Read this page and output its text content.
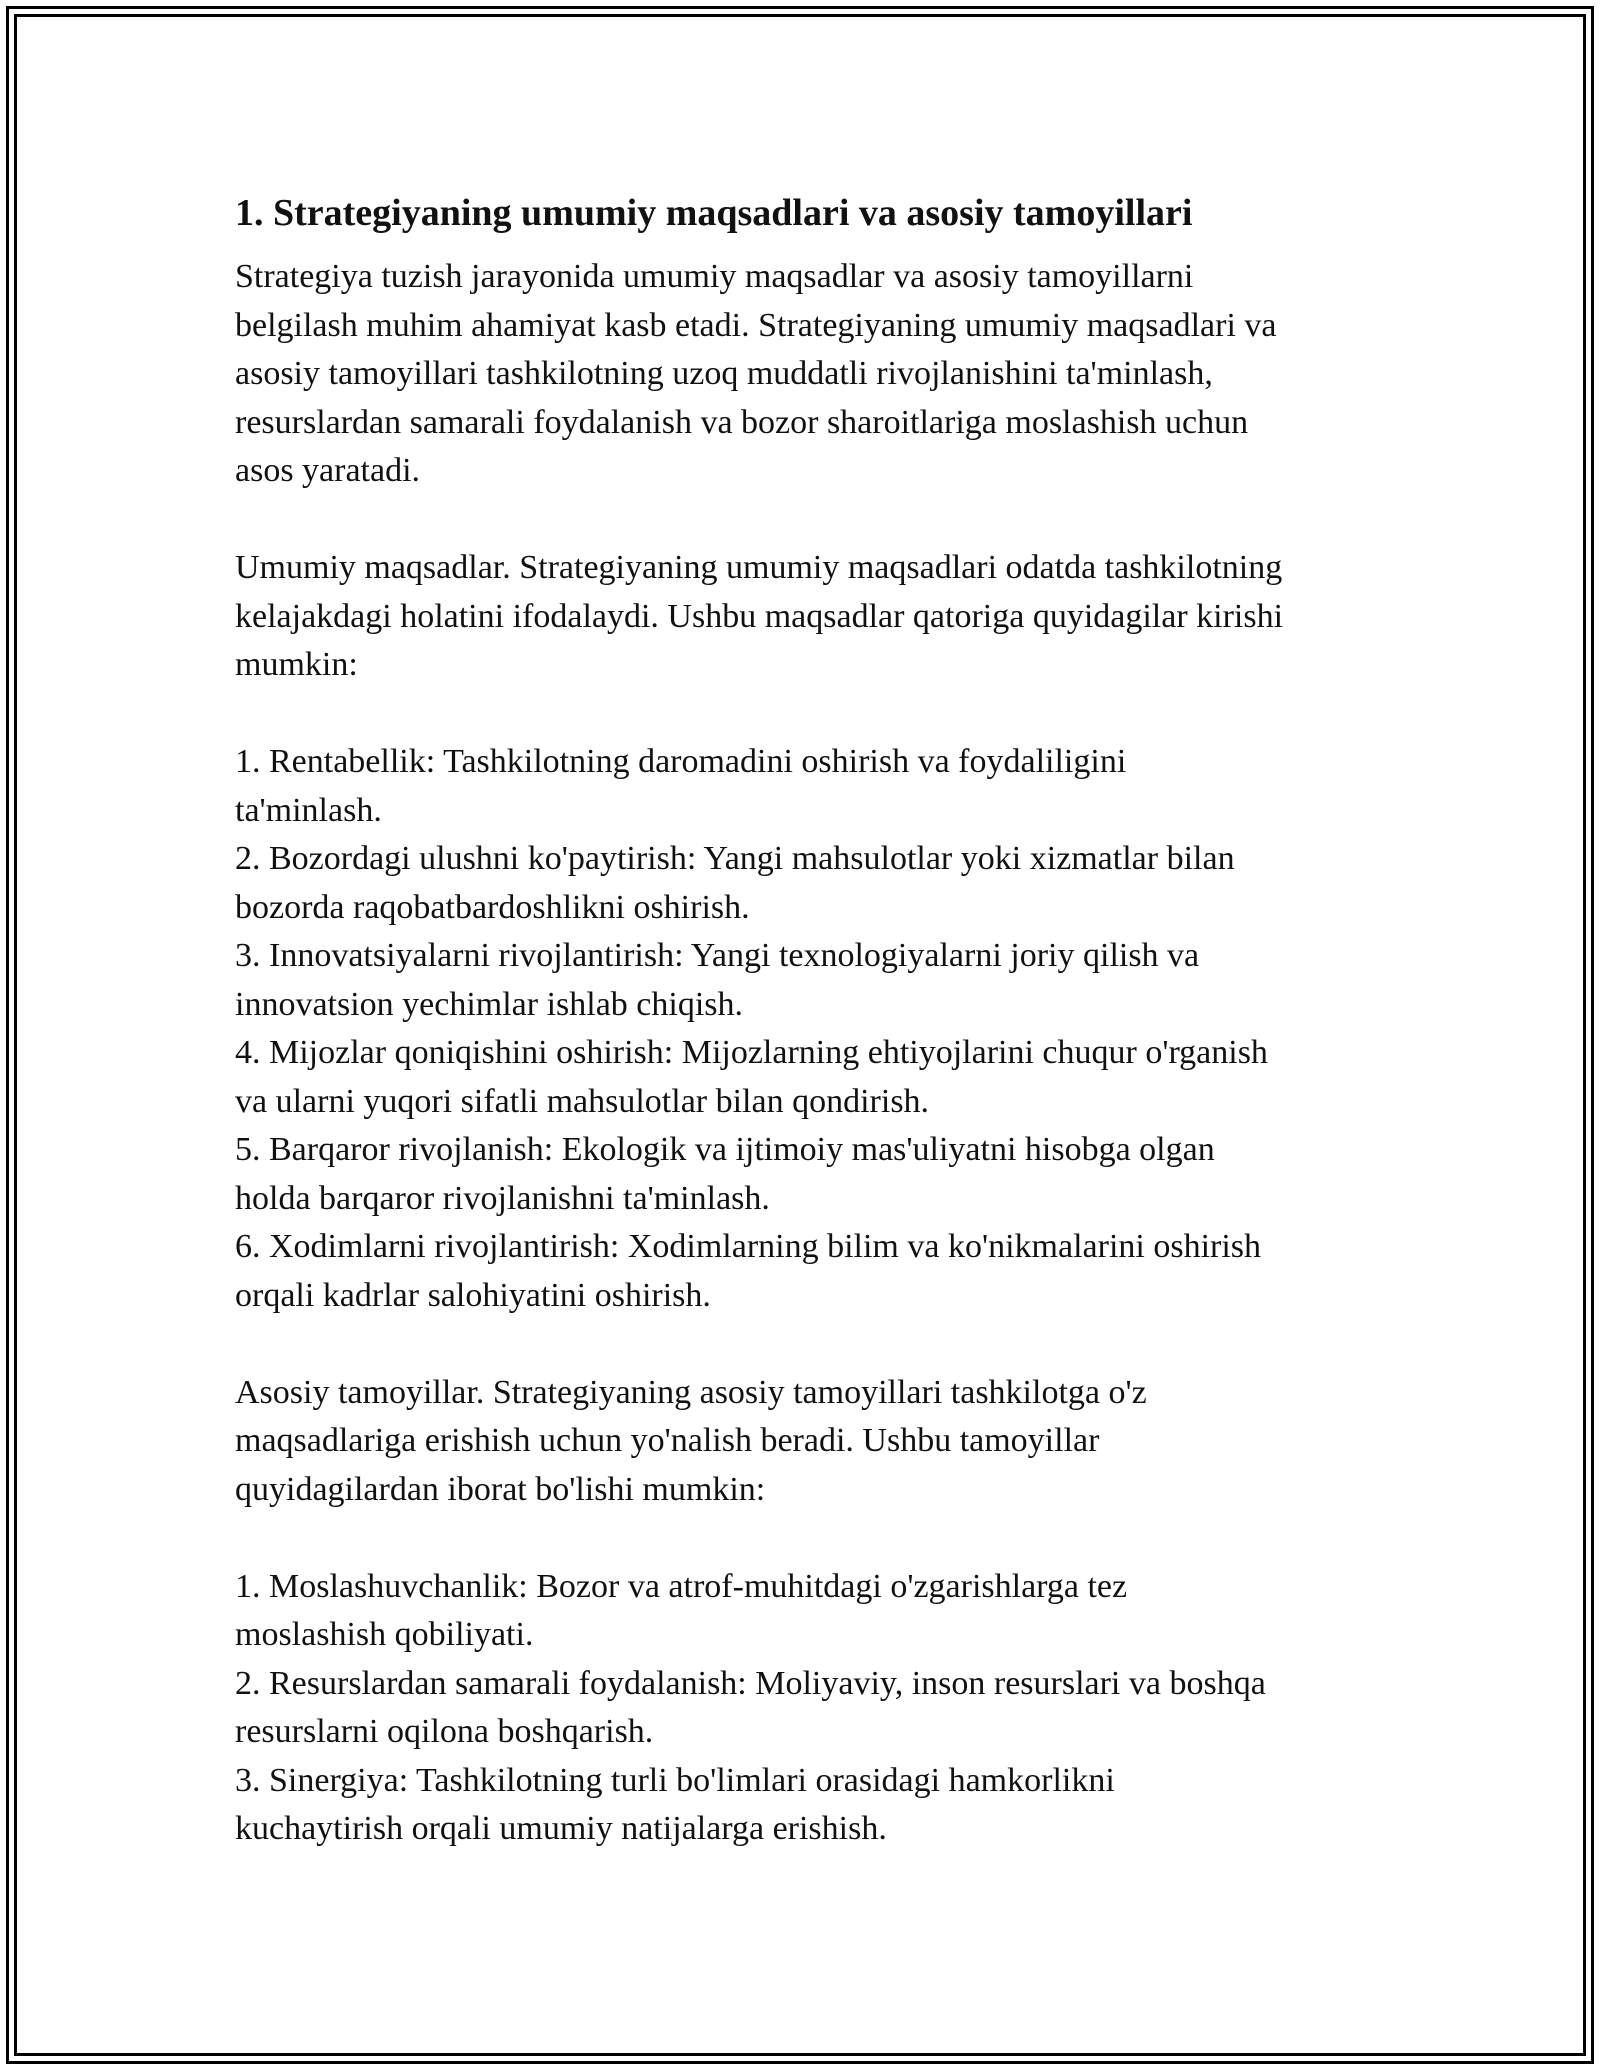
1. Strategiyaning umumiy maqsadlari va asosiy tamoyillari

Strategiya tuzish jarayonida umumiy maqsadlar va asosiy tamoyillarni
belgilash muhim ahamiyat kasb etadi. Strategiyaning umumiy maqsadlari va
asosiy tamoyillari tashkilotning uzoq muddatli rivojlanishini ta'minlash,
resurslardan samarali foydalanish va bozor sharoitlariga moslashish uchun
asos yaratadi.

Umumiy maqsadlar. Strategiyaning umumiy maqsadlari odatda tashkilotning
kelajakdagi holatini ifodalaydi. Ushbu maqsadlar qatoriga quyidagilar kirishi
mumkin:

1. Rentabellik: Tashkilotning daromadini oshirish va foydaliligini
ta'minlash.
2. Bozordagi ulushni ko'paytirish: Yangi mahsulotlar yoki xizmatlar bilan
bozorda raqobatbardoshlikni oshirish.
3. Innovatsiyalarni rivojlantirish: Yangi texnologiyalarni joriy qilish va
innovatsion yechimlar ishlab chiqish.
4. Mijozlar qoniqishini oshirish: Mijozlarning ehtiyojlarini chuqur o'rganish
va ularni yuqori sifatli mahsulotlar bilan qondirish.
5. Barqaror rivojlanish: Ekologik va ijtimoiy mas'uliyatni hisobga olgan
holda barqaror rivojlanishni ta'minlash.
6. Xodimlarni rivojlantirish: Xodimlarning bilim va ko'nikmalarini oshirish
orqali kadrlar salohiyatini oshirish.

Asosiy tamoyillar. Strategiyaning asosiy tamoyillari tashkilotga o'z
maqsadlariga erishish uchun yo'nalish beradi. Ushbu tamoyillar
quyidagilardan iborat bo'lishi mumkin:

1. Moslashuvchanlik: Bozor va atrof-muhitdagi o'zgarishlarga tez
moslashish qobiliyati.
2. Resurslardan samarali foydalanish: Moliyaviy, inson resurslari va boshqa
resurslarni oqilona boshqarish.
3. Sinergiya: Tashkilotning turli bo'limlari orasidagi hamkorlikni
kuchaytirish orqali umumiy natijalarga erishish.
